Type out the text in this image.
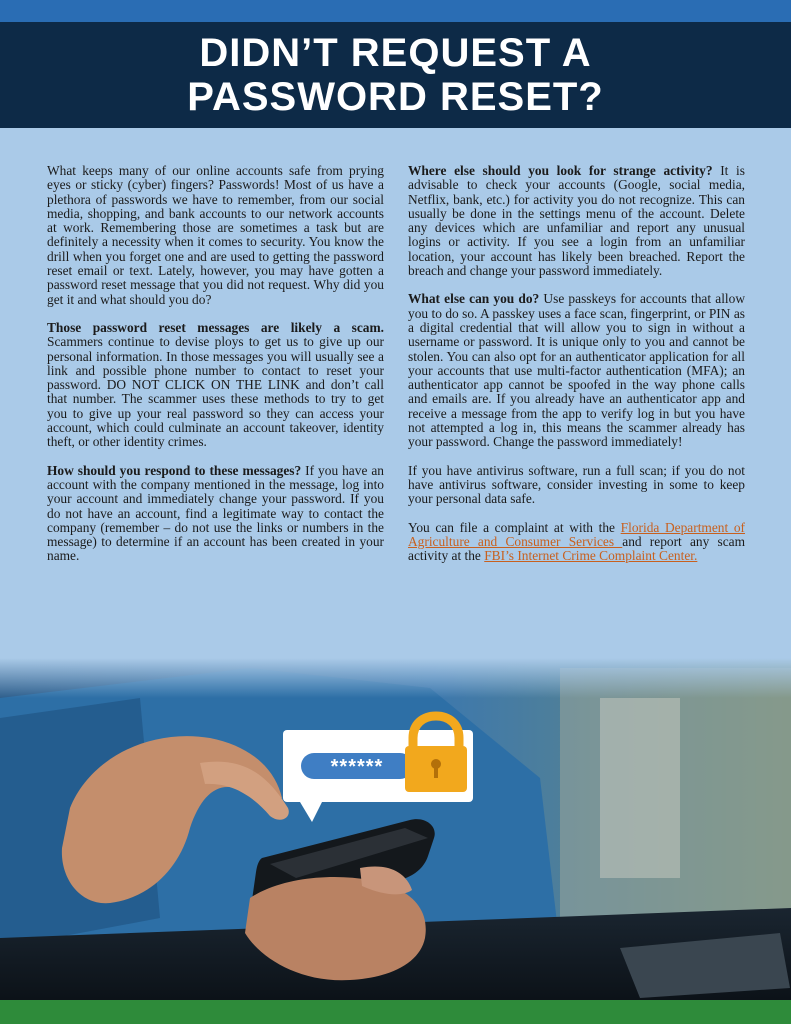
DIDN’T REQUEST A
PASSWORD RESET?

What keeps many of our online accounts safe from prying eyes or sticky (cyber) fingers? Passwords! Most of us have a plethora of passwords we have to remember, from our social media, shopping, and bank accounts to our network accounts at work. Remembering those are sometimes a task but are definitely a necessity when it comes to security. You know the drill when you forget one and are used to getting the password reset email or text. Lately, however, you may have gotten a password reset message that you did not request. Why did you get it and what should you do?

Those password reset messages are likely a scam. Scammers continue to devise ploys to get us to give up our personal information. In those messages you will usually see a link and possible phone number to contact to reset your password. DO NOT CLICK ON THE LINK and don’t call that number. The scammer uses these methods to try to get you to give up your real password so they can access your account, which could culminate an account takeover, identity theft, or other identity crimes.

How should you respond to these messages? If you have an account with the company mentioned in the message, log into your account and immediately change your password. If you do not have an account, find a legitimate way to contact the company (remember – do not use the links or numbers in the message) to determine if an account has been created in your name.

Where else should you look for strange activity? It is advisable to check your accounts (Google, social media, Netflix, bank, etc.) for activity you do not recognize. This can usually be done in the settings menu of the account. Delete any devices which are unfamiliar and report any unusual logins or activity. If you see a login from an unfamiliar location, your account has likely been breached. Report the breach and change your password immediately.

What else can you do? Use passkeys for accounts that allow you to do so. A passkey uses a face scan, fingerprint, or PIN as a digital credential that will allow you to sign in without a username or password. It is unique only to you and cannot be stolen. You can also opt for an authenticator application for all your accounts that use multi-factor authentication (MFA); an authenticator app cannot be spoofed in the way phone calls and emails are. If you already have an authenticator app and receive a message from the app to verify log in but you have not attempted a log in, this means the scammer already has your password. Change the password immediately!

If you have antivirus software, run a full scan; if you do not have antivirus software, consider investing in some to keep your personal data safe.

You can file a complaint at with the Florida Department of Agriculture and Consumer Services and report any scam activity at the FBI’s Internet Crime Complaint Center.

******
